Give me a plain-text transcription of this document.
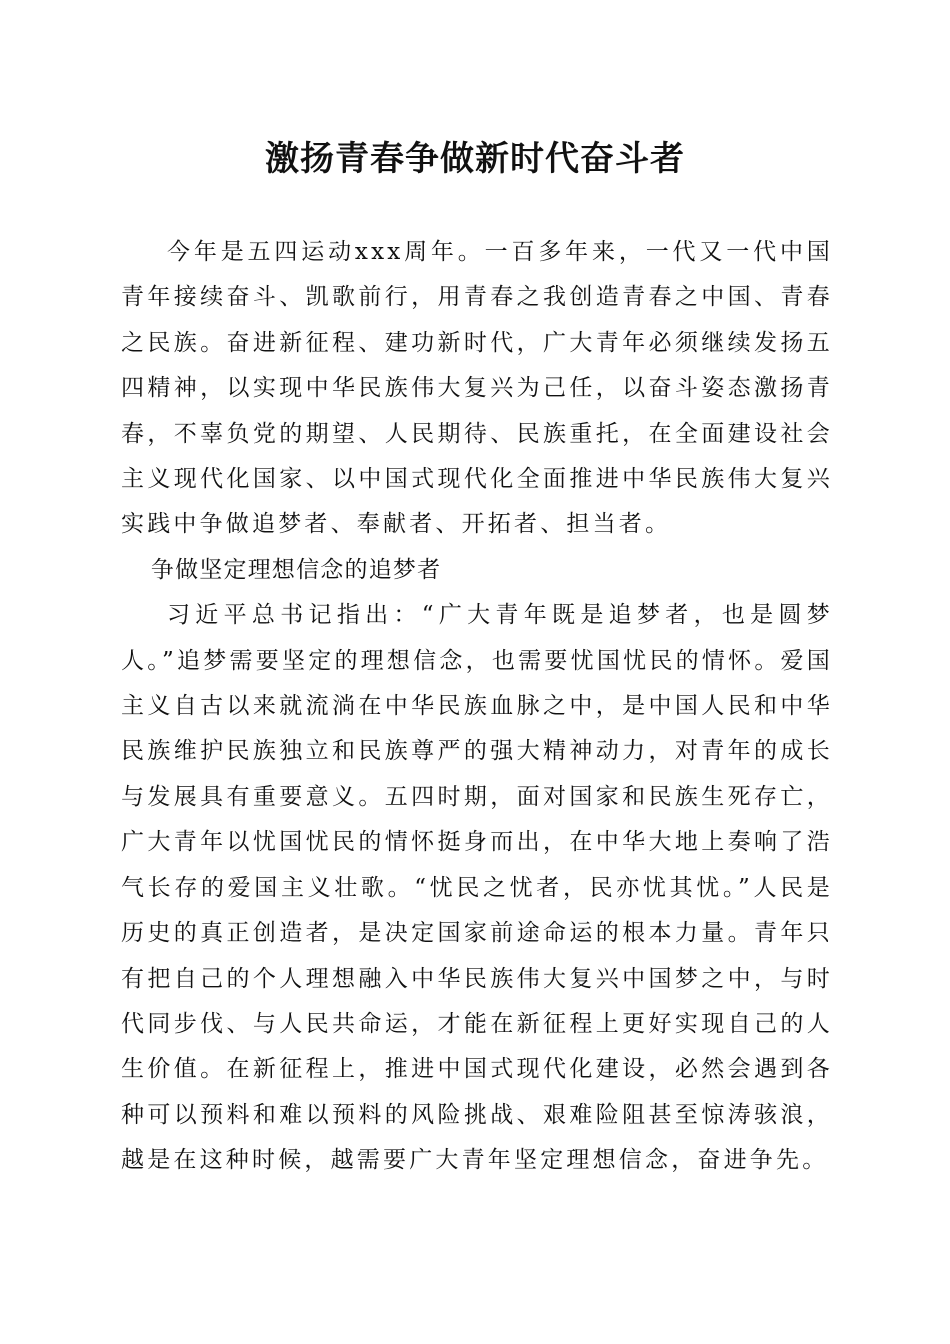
激扬青春争做新时代奋斗者

今年是五四运动xxx周年。一百多年来，一代又一代中国青年接续奋斗、凯歌前行，用青春之我创造青春之中国、青春之民族。奋进新征程、建功新时代，广大青年必须继续发扬五四精神，以实现中华民族伟大复兴为己任，以奋斗姿态激扬青春，不辜负党的期望、人民期待、民族重托，在全面建设社会主义现代化国家、以中国式现代化全面推进中华民族伟大复兴实践中争做追梦者、奉献者、开拓者、担当者。

争做坚定理想信念的追梦者

习近平总书记指出：“广大青年既是追梦者，也是圆梦人。”追梦需要坚定的理想信念，也需要忧国忧民的情怀。爱国主义自古以来就流淌在中华民族血脉之中，是中国人民和中华民族维护民族独立和民族尊严的强大精神动力，对青年的成长与发展具有重要意义。五四时期，面对国家和民族生死存亡，广大青年以忧国忧民的情怀挺身而出，在中华大地上奏响了浩气长存的爱国主义壮歌。“忧民之忧者，民亦忧其忧。”人民是历史的真正创造者，是决定国家前途命运的根本力量。青年只有把自己的个人理想融入中华民族伟大复兴中国梦之中，与时代同步伐、与人民共命运，才能在新征程上更好实现自己的人生价值。在新征程上，推进中国式现代化建设，必然会遇到各种可以预料和难以预料的风险挑战、艰难险阻甚至惊涛骇浪，越是在这种时候，越需要广大青年坚定理想信念，奋进争先。
